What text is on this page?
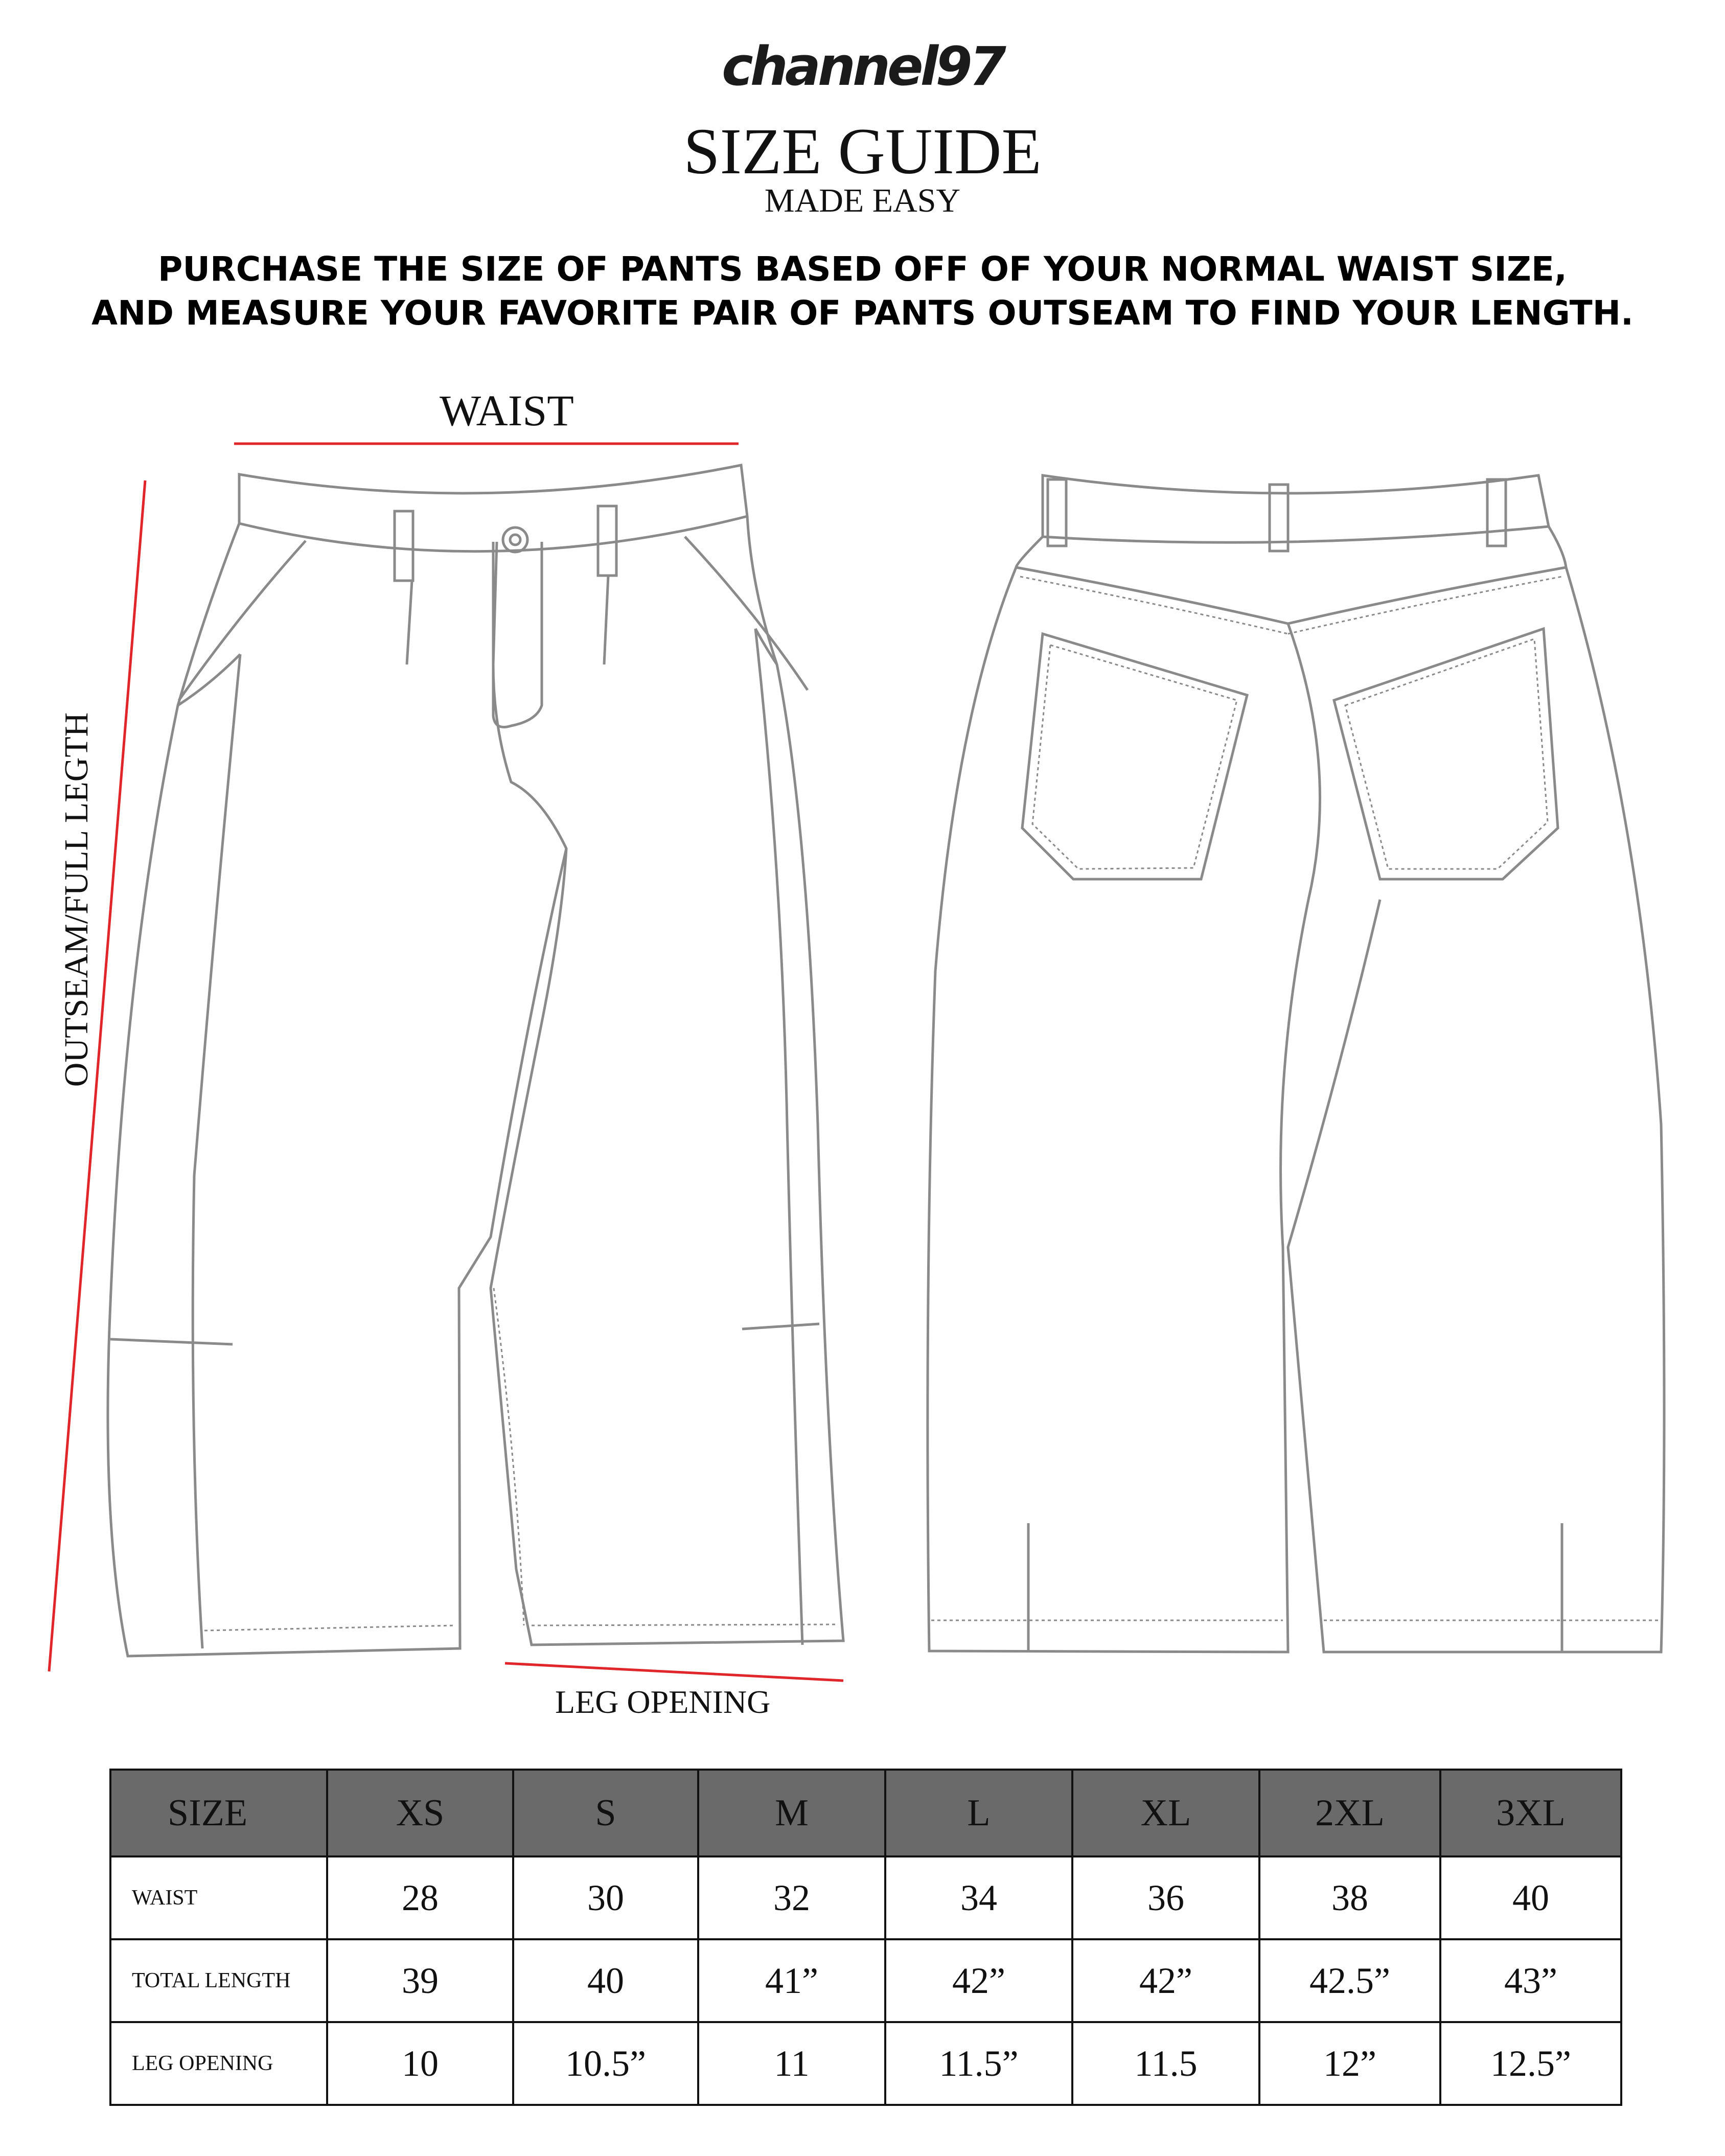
channel97
SIZE GUIDE
MADE EASY
PURCHASE THE SIZE OF PANTS BASED OFF OF YOUR NORMAL WAIST SIZE,
AND MEASURE YOUR FAVORITE PAIR OF PANTS OUTSEAM TO FIND YOUR LENGTH.
WAIST
OUTSEAM/FULL LEGTH
LEG OPENING
SIZE	XS	S	M	L	XL	2XL	3XL
WAIST	28	30	32	34	36	38	40
TOTAL LENGTH	39	40	41”	42”	42”	42.5”	43”
LEG OPENING	10	10.5”	11	11.5”	11.5	12”	12.5”
